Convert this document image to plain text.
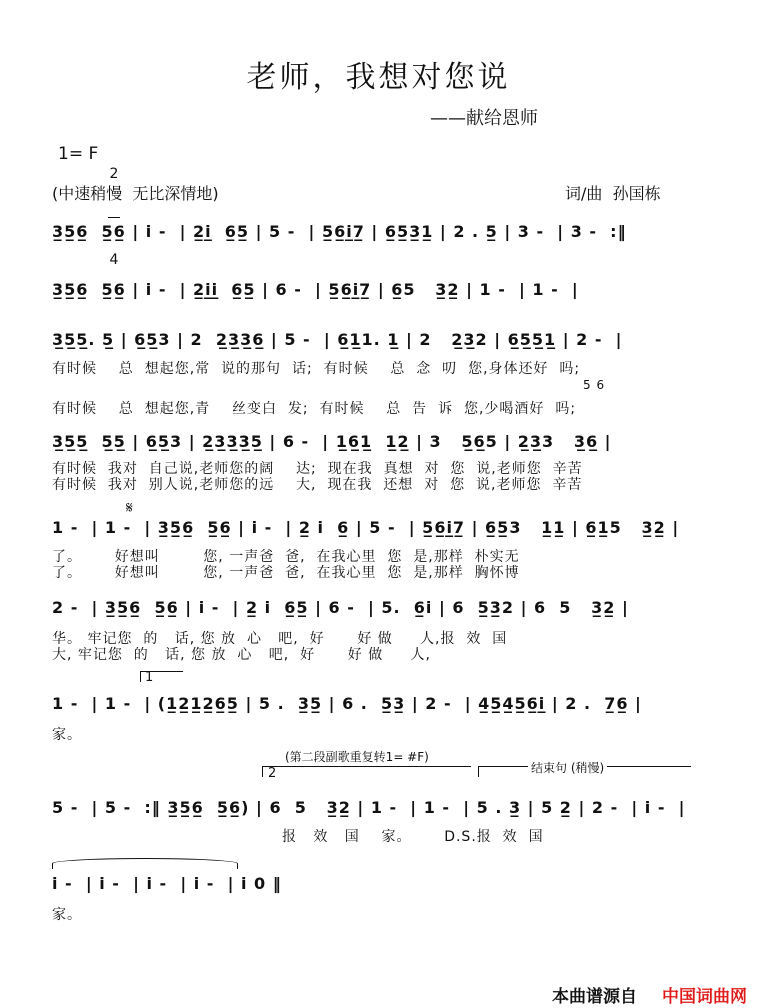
老师，我想对您说
——献给恩师
1= F

2

4

(中速稍慢  无比深情地)	词/曲  孙国栋
3̲5̲6̲  5̲6̲ | i -  | 2̲i̲  6̲5̲ | 5 -  | 5̲6̲i̲7̲ | 6̲5̲3̲1̲ | 2 . 5̲ | 3 -  | 3 -  :‖
3̲5̲6̲  5̲6̲ | i -  | 2̲i̲i̲  6̲5̲ | 6 -  | 5̲6̲i̲7̲ | 6̲5   3̲2̲ | 1 -  | 1 -  |
3̲5̲5̲. 5̲ | 6̲5̲3 | 2  2̲3̲3̲6̲ | 5 -  | 6̲1̲1. 1̲ | 2   2̲3̲2 | 6̲5̲5̲1̲ | 2 -  |
有时候    总  想起您,常  说的那句  话;  有时候    总  念  叨  您,身体还好  吗;
5 6
有时候    总  想起您,青    丝变白  发;  有时候    总  告  诉  您,少喝酒好  吗;
3̲5̲5̲  5̲5̲ | 6̲5̲3 | 2̲3̲3̲3̲5̲ | 6 -  | 1̲6̲1̲  1̲2̲ | 3   5̲6̲5 | 2̲3̲3   3̲6̲ |
有时候  我对  自己说,老师您的阔    达;  现在我  真想  对  您  说,老师您  辛苦
有时候  我对  别人说,老师您的远    大,  现在我  还想  对  您  说,老师您  辛苦
𝄋
1 -  | 1 -  | 3̲5̲6̲  5̲6̲ | i -  | 2̲ i  6̲ | 5 -  | 5̲6̲i̲7̲ | 6̲5̲3   1̲1̲ | 6̲1̲5   3̲2̲ |
了。      好想叫        您, 一声爸  爸,  在我心里  您  是,那样  朴实无
了。      好想叫        您, 一声爸  爸,  在我心里  您  是,那样  胸怀博
2 -  | 3̲5̲6̲  5̲6̲ | i -  | 2̲ i  6̲5̲ | 6 -  | 5.  6̲i | 6  5̲3̲2 | 6  5   3̲2̲ |
华。 牢记您  的   话, 您 放  心   吧,  好      好 做     人,报  效  国
大, 牢记您  的   话, 您 放  心   吧,  好      好 做     人,
1
1 -  | 1 -  | (1̲2̲1̲2̲6̲5̲ | 5 .  3̲5̲ | 6 .  5̲3̲ | 2 -  | 4̲5̲4̲5̲6̲i̲ | 2 .  7̲6̲ |
家。
(第二段副歌重复转1= #F)
2	结束句 (稍慢)
5 -  | 5 -  :‖ 3̲5̲6̲  5̲6̲) | 6  5   3̲2̲ | 1 -  | 1 -  | 5 . 3̲ | 5 2̲ | 2 -  | i -  |
报   效   国    家。      D.S.报  效  国
i -  | i -  | i -  | i -  | i 0 ‖
家。
本曲谱源自 中国词曲网
